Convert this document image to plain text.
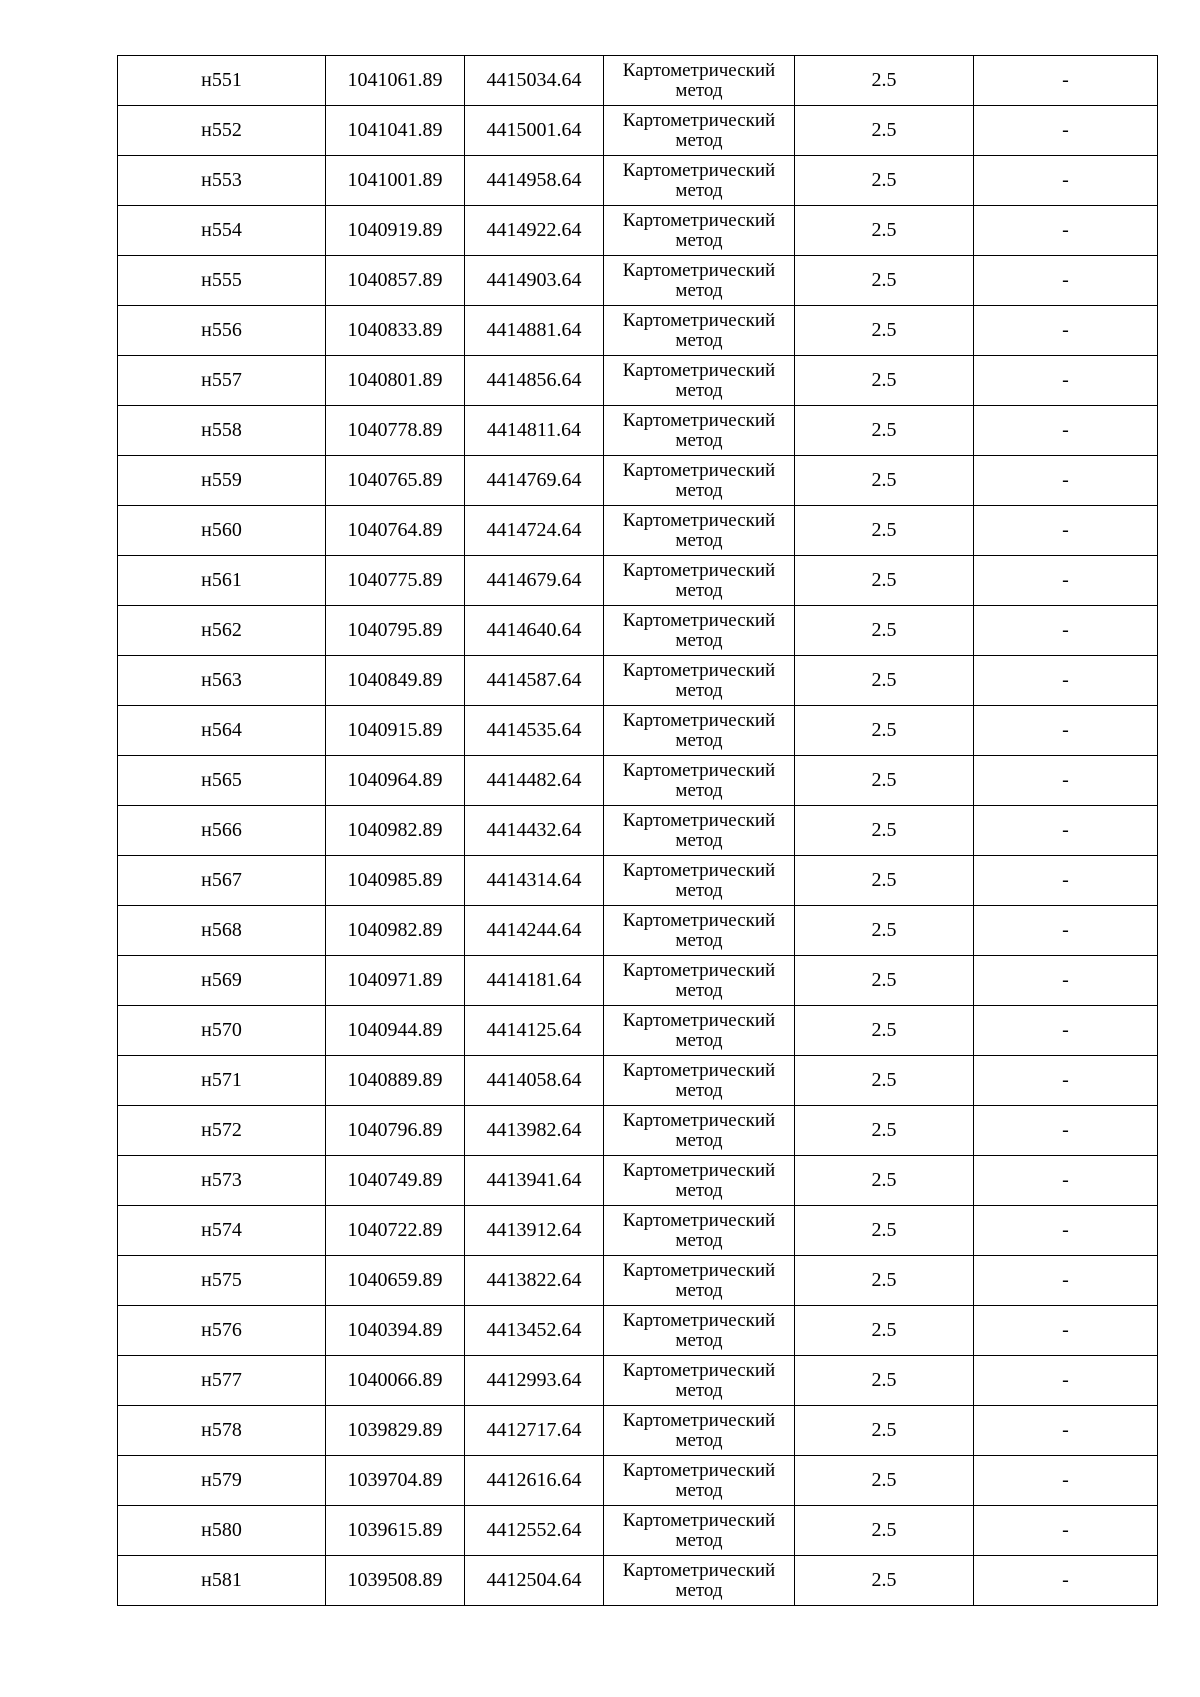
н551	1041061.89	4415034.64	Картометрический метод	2.5	-
н552	1041041.89	4415001.64	Картометрический метод	2.5	-
н553	1041001.89	4414958.64	Картометрический метод	2.5	-
н554	1040919.89	4414922.64	Картометрический метод	2.5	-
н555	1040857.89	4414903.64	Картометрический метод	2.5	-
н556	1040833.89	4414881.64	Картометрический метод	2.5	-
н557	1040801.89	4414856.64	Картометрический метод	2.5	-
н558	1040778.89	4414811.64	Картометрический метод	2.5	-
н559	1040765.89	4414769.64	Картометрический метод	2.5	-
н560	1040764.89	4414724.64	Картометрический метод	2.5	-
н561	1040775.89	4414679.64	Картометрический метод	2.5	-
н562	1040795.89	4414640.64	Картометрический метод	2.5	-
н563	1040849.89	4414587.64	Картометрический метод	2.5	-
н564	1040915.89	4414535.64	Картометрический метод	2.5	-
н565	1040964.89	4414482.64	Картометрический метод	2.5	-
н566	1040982.89	4414432.64	Картометрический метод	2.5	-
н567	1040985.89	4414314.64	Картометрический метод	2.5	-
н568	1040982.89	4414244.64	Картометрический метод	2.5	-
н569	1040971.89	4414181.64	Картометрический метод	2.5	-
н570	1040944.89	4414125.64	Картометрический метод	2.5	-
н571	1040889.89	4414058.64	Картометрический метод	2.5	-
н572	1040796.89	4413982.64	Картометрический метод	2.5	-
н573	1040749.89	4413941.64	Картометрический метод	2.5	-
н574	1040722.89	4413912.64	Картометрический метод	2.5	-
н575	1040659.89	4413822.64	Картометрический метод	2.5	-
н576	1040394.89	4413452.64	Картометрический метод	2.5	-
н577	1040066.89	4412993.64	Картометрический метод	2.5	-
н578	1039829.89	4412717.64	Картометрический метод	2.5	-
н579	1039704.89	4412616.64	Картометрический метод	2.5	-
н580	1039615.89	4412552.64	Картометрический метод	2.5	-
н581	1039508.89	4412504.64	Картометрический метод	2.5	-
